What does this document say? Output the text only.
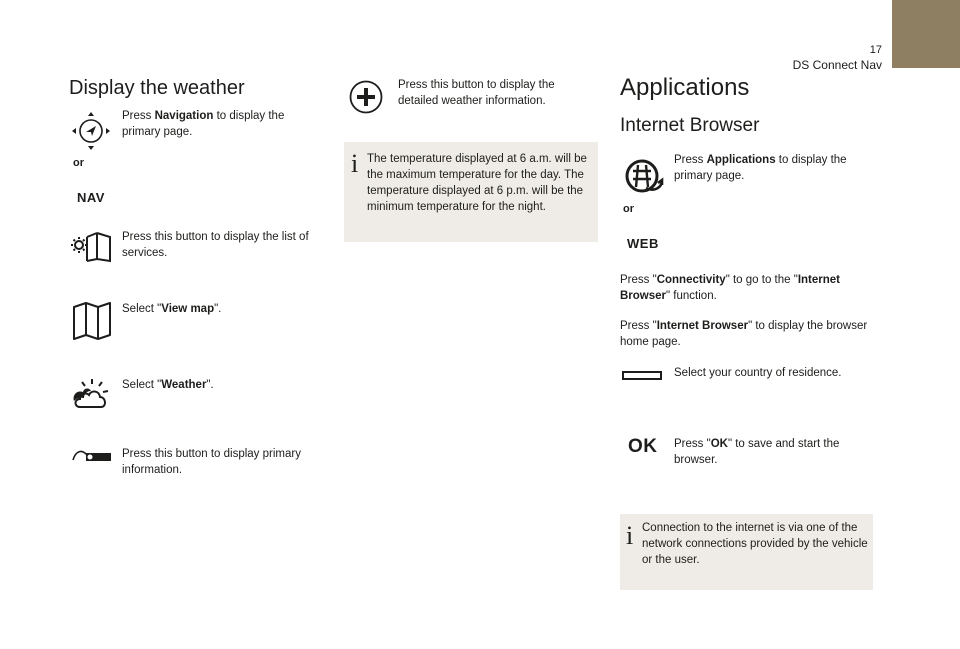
17
DS Connect Nav
Display the weather
Press Navigation to display the primary page.
or
NAV
Press this button to display the list of services.
Select "View map".
Select "Weather".
Press this button to display primary information.
Press this button to display the detailed weather information.
i The temperature displayed at 6 a.m. will be the maximum temperature for the day. The temperature displayed at 6 p.m. will be the minimum temperature for the night.
Applications
Internet Browser
Press Applications to display the primary page.
or
WEB
Press "Connectivity" to go to the "Internet Browser" function.
Press "Internet Browser" to display the browser home page.
Select your country of residence.
OK Press "OK" to save and start the browser.
i Connection to the internet is via one of the network connections provided by the vehicle or the user.
